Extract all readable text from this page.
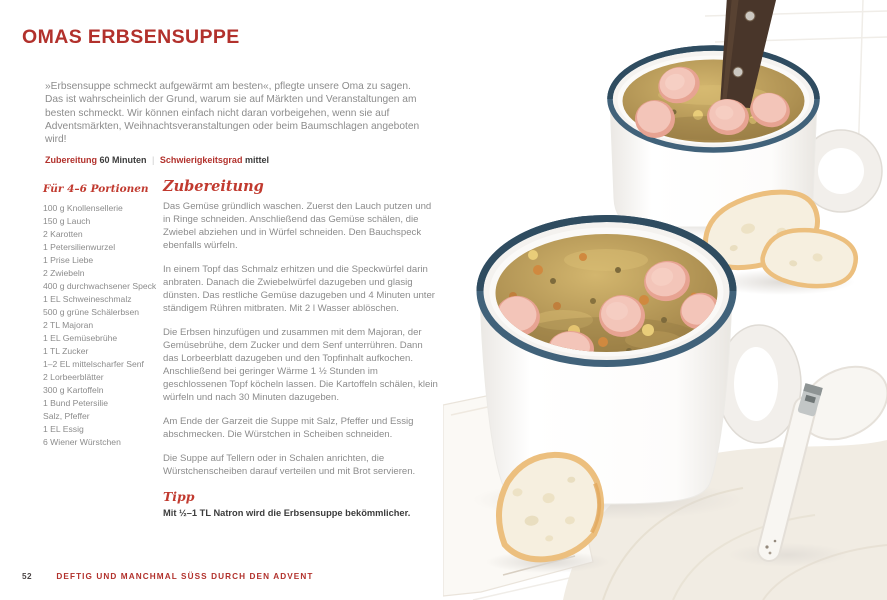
OMAS ERBSENSUPPE

»Erbsensuppe schmeckt aufgewärmt am besten«, pflegte unsere Oma zu sagen. Das ist wahrscheinlich der Grund, warum sie auf Märkten und Veranstaltungen am besten schmeckt. Wir können einfach nicht daran vorbeigehen, wenn sie auf Adventsmärkten, Weihnachtsveranstaltungen oder beim Baumschlagen angeboten wird!

Zubereitung 60 Minuten | Schwierigkeitsgrad mittel
Für 4–6 Portionen
100 g Knollensellerie
150 g Lauch
2 Karotten
1 Petersilienwurzel
1 Prise Liebe
2 Zwiebeln
400 g durchwachsener Speck
1 EL Schweineschmalz
500 g grüne Schälerbsen
2 TL Majoran
1 EL Gemüsebrühe
1 TL Zucker
1–2 EL mittelscharfer Senf
2 Lorbeerblätter
300 g Kartoffeln
1 Bund Petersilie
Salz, Pfeffer
1 EL Essig
6 Wiener Würstchen
Zubereitung

Das Gemüse gründlich waschen. Zuerst den Lauch putzen und in Ringe schneiden. Anschließend das Gemüse schälen, die Zwiebel abziehen und in Würfel schneiden. Den Bauchspeck ebenfalls würfeln.

In einem Topf das Schmalz erhitzen und die Speckwürfel darin anbraten. Danach die Zwiebelwürfel dazugeben und glasig dünsten. Das restliche Gemüse dazugeben und 4 Minuten unter ständigem Rühren mitbraten. Mit 2 l Wasser ablöschen.

Die Erbsen hinzufügen und zusammen mit dem Majoran, der Gemüsebrühe, dem Zucker und dem Senf unterrühren. Dann das Lorbeerblatt dazugeben und den Topfinhalt aufkochen. Anschließend bei geringer Wärme 1 ½ Stunden im geschlossenen Topf köcheln lassen. Die Kartoffeln schälen, klein würfeln und nach 30 Minuten dazugeben.

Am Ende der Garzeit die Suppe mit Salz, Pfeffer und Essig abschmecken. Die Würstchen in Scheiben schneiden.

Die Suppe auf Tellern oder in Schalen anrichten, die Würstchenscheiben darauf verteilen und mit Brot servieren.

Tipp
Mit ½–1 TL Natron wird die Erbsensuppe bekömmlicher.
52	DEFTIG UND MANCHMAL SÜSS DURCH DEN ADVENT
